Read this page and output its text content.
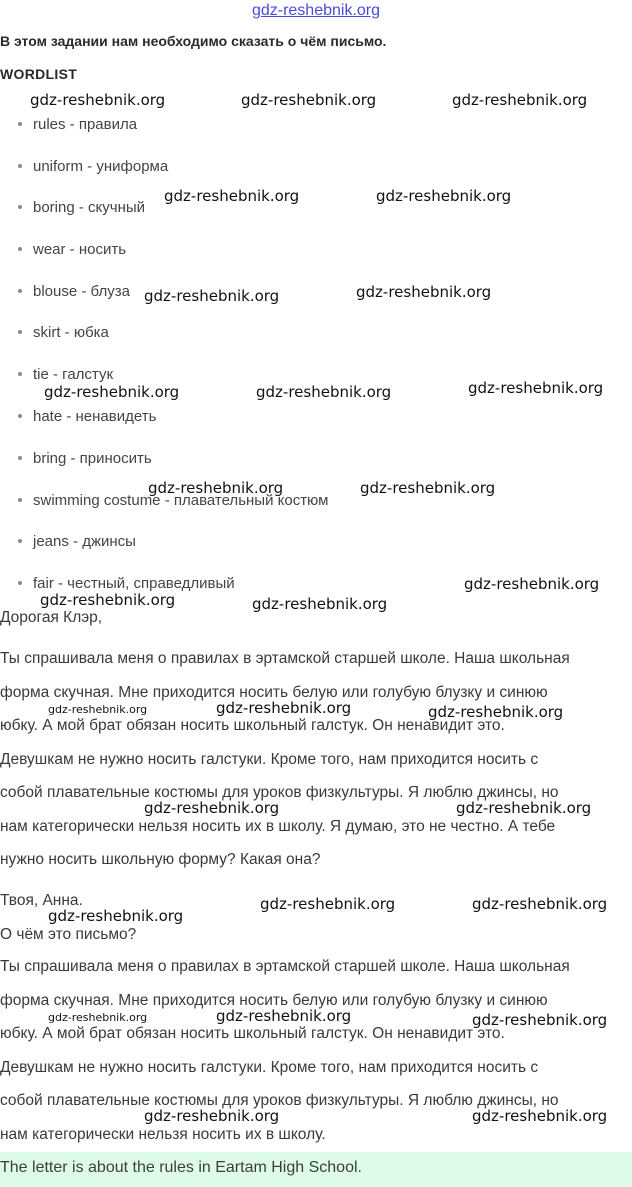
gdz-reshebnik.org
В этом задании нам необходимо сказать о чём письмо.
WORDLIST
rules - правила
uniform - униформа
boring - скучный
wear - носить
blouse - блуза
skirt - юбка
tie - галстук
hate - ненавидеть
bring - приносить
swimming costume - плавательный костюм
jeans - джинсы
fair - честный, справедливый
Дорогая Клэр,
Ты спрашивала меня о правилах в эртамской старшей школе. Наша школьная
форма скучная. Мне приходится носить белую или голубую блузку и синюю
юбку. А мой брат обязан носить школьный галстук. Он ненавидит это.
Девушкам не нужно носить галстуки. Кроме того, нам приходится носить с
собой плавательные костюмы для уроков физкультуры. Я люблю джинсы, но
нам категорически нельзя носить их в школу. Я думаю, это не честно. А тебе
нужно носить школьную форму? Какая она?
Твоя, Анна.
О чём это письмо?
Ты спрашивала меня о правилах в эртамской старшей школе. Наша школьная
форма скучная. Мне приходится носить белую или голубую блузку и синюю
юбку. А мой брат обязан носить школьный галстук. Он ненавидит это.
Девушкам не нужно носить галстуки. Кроме того, нам приходится носить с
собой плавательные костюмы для уроков физкультуры. Я люблю джинсы, но
нам категорически нельзя носить их в школу.
The letter is about the rules in Eartam High School.
gdz-reshebnik.org	gdz-reshebnik.org	gdz-reshebnik.org
gdz-reshebnik.org	gdz-reshebnik.org
gdz-reshebnik.org	gdz-reshebnik.org
gdz-reshebnik.org	gdz-reshebnik.org	gdz-reshebnik.org
gdz-reshebnik.org	gdz-reshebnik.org
gdz-reshebnik.org
gdz-reshebnik.org	gdz-reshebnik.org
gdz-reshebnik.org	gdz-reshebnik.org	gdz-reshebnik.org
gdz-reshebnik.org	gdz-reshebnik.org
gdz-reshebnik.org	gdz-reshebnik.org
gdz-reshebnik.org
gdz-reshebnik.org	gdz-reshebnik.org	gdz-reshebnik.org
gdz-reshebnik.org	gdz-reshebnik.org
